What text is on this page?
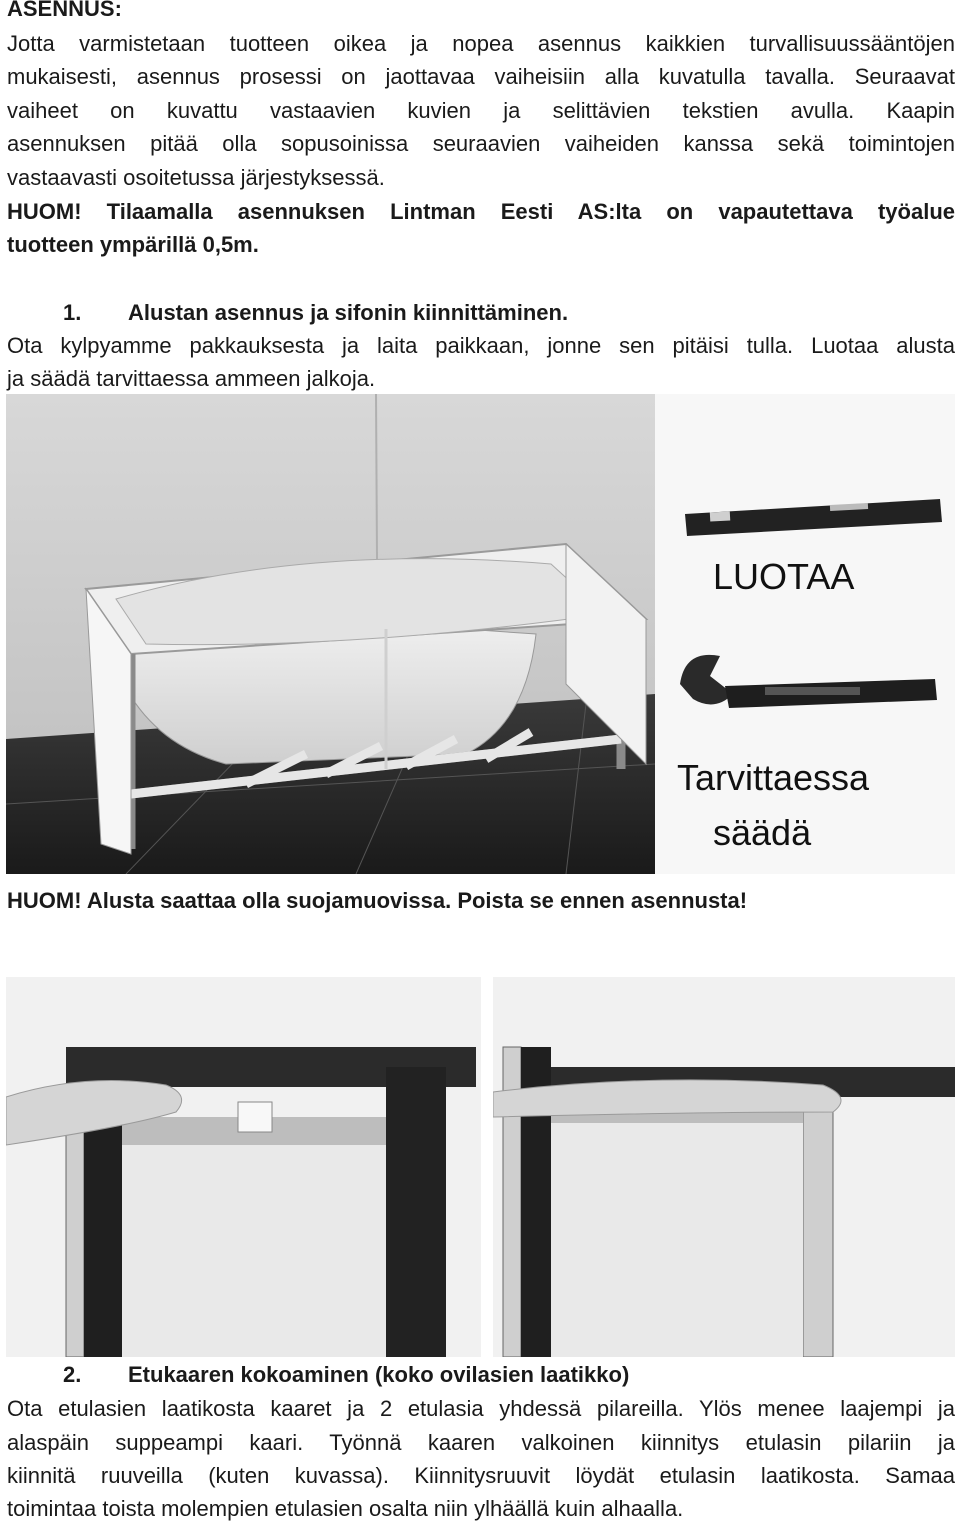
ASENNUS:
Jotta varmistetaan tuotteen oikea ja nopea asennus kaikkien turvallisuussääntöjen
mukaisesti, asennus prosessi on jaottavaa vaiheisiin alla kuvatulla tavalla. Seuraavat
vaiheet on kuvattu vastaavien kuvien ja selittävien tekstien avulla. Kaapin
asennuksen pitää olla sopusoinissa seuraavien vaiheiden kanssa sekä toimintojen
vastaavasti osoitetussa järjestyksessä.
HUOM! Tilaamalla asennuksen Lintman Eesti AS:lta on vapautettava työalue
tuotteen ympärillä 0,5m.
1. Alustan asennus ja sifonin kiinnittäminen.
Ota kylpyamme pakkauksesta ja laita paikkaan, jonne sen pitäisi tulla. Luotaa alusta
ja säädä tarvittaessa ammeen jalkoja.
LUOTAA
Tarvittaessa
säädä
HUOM! Alusta saattaa olla suojamuovissa. Poista se ennen asennusta!
2. Etukaaren kokoaminen (koko ovilasien laatikko)
Ota etulasien laatikosta kaaret ja 2 etulasia yhdessä pilareilla. Ylös menee laajempi ja
alaspäin suppeampi kaari. Työnnä kaaren valkoinen kiinnitys etulasin pilariin ja
kiinnitä ruuveilla (kuten kuvassa). Kiinnitysruuvit löydät etulasin laatikosta. Samaa
toimintaa toista molempien etulasien osalta niin ylhäällä kuin alhaalla.
